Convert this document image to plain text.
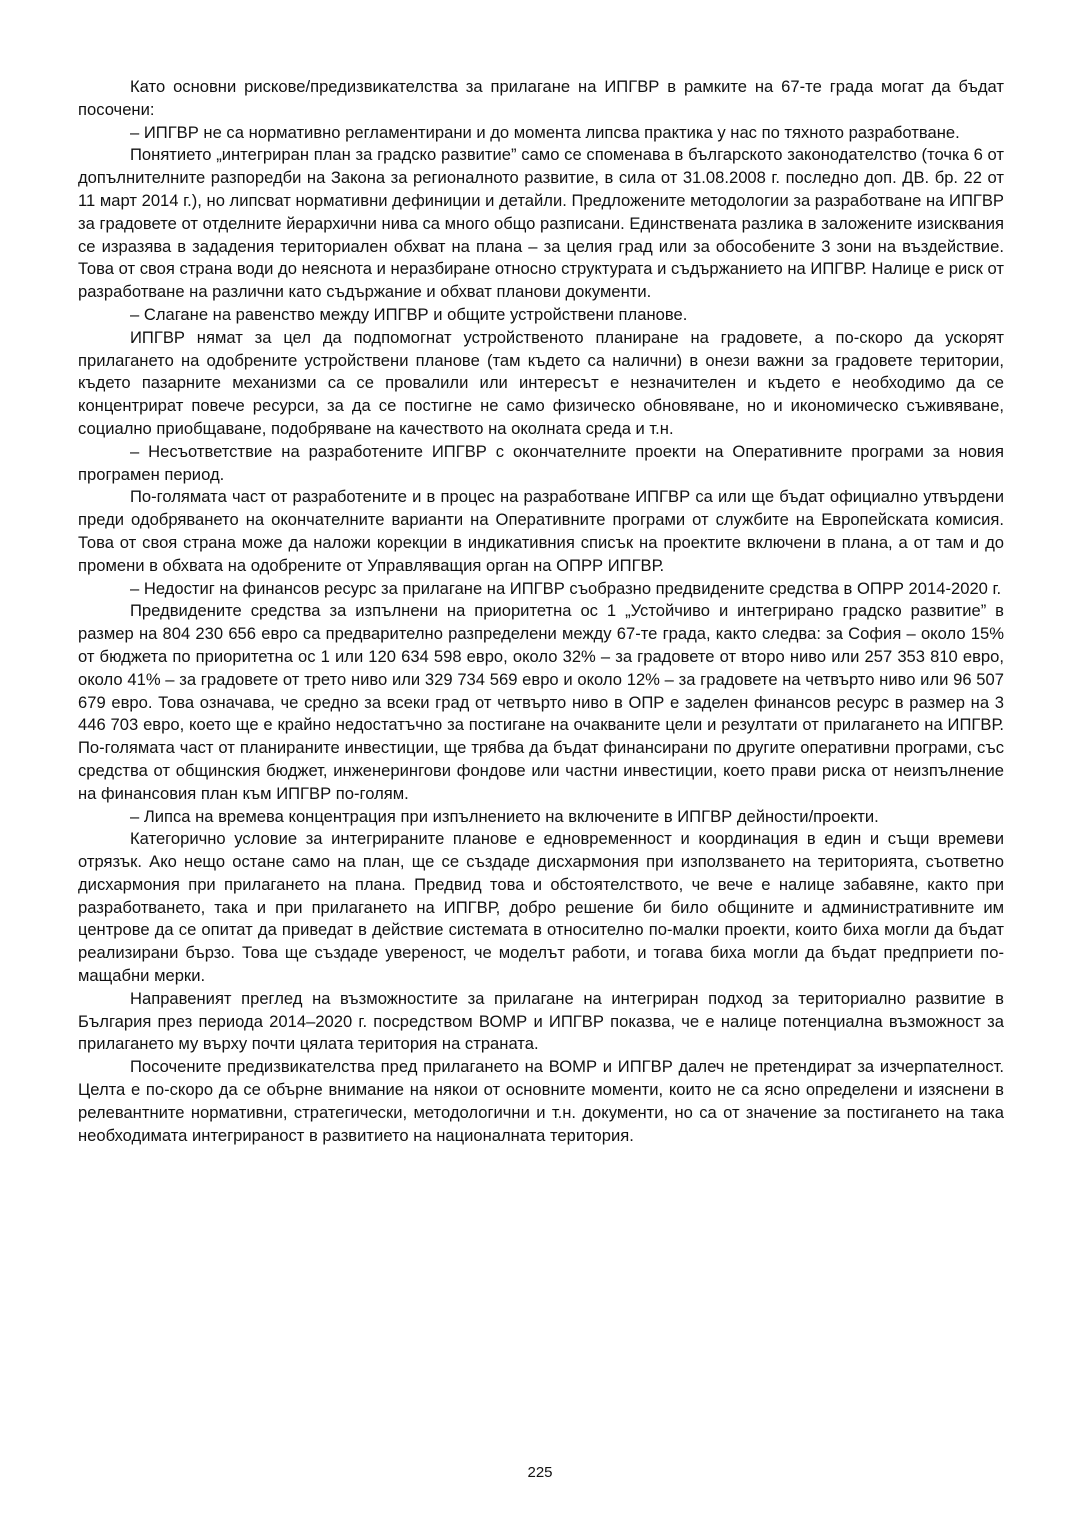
Като основни рискове/предизвикателства за прилагане на ИПГВР в рамките на 67-те града могат да бъдат посочени:

– ИПГВР не са нормативно регламентирани и до момента липсва практика у нас по тяхното разработване.

Понятието „интегриран план за градско развитие” само се споменава в българското законодателство (точка 6 от допълнителните разпоредби на Закона за регионалното развитие, в сила от 31.08.2008 г. последно доп. ДВ. бр. 22 от 11 март 2014 г.), но липсват нормативни дефиниции и детайли. Предложените методологии за разработване на ИПГВР за градовете от отделните йерархични нива са много общо разписани. Единствената разлика в заложените изисквания се изразява в зададения териториален обхват на плана – за целия град или за обособените 3 зони на въздействие. Това от своя страна води до неяснота и неразбиране относно структурата и съдържанието на ИПГВР. Налице е риск от разработване на различни като съдържание и обхват планови документи.

– Слагане на равенство между ИПГВР и общите устройствени планове.

ИПГВР нямат за цел да подпомогнат устройственото планиране на градовете, а по-скоро да ускорят прилагането на одобрените устройствени планове (там където са налични) в онези важни за градовете територии, където пазарните механизми са се провалили или интересът е незначителен и където е необходимо да се концентрират повече ресурси, за да се постигне не само физическо обновяване, но и икономическо съживяване, социално приобщаване, подобряване на качеството на околната среда и т.н.

– Несъответствие на разработените ИПГВР с окончателните проекти на Оперативните програми за новия програмен период.

По-голямата част от разработените и в процес на разработване ИПГВР са или ще бъдат официално утвърдени преди одобряването на окончателните варианти на Оперативните програми от службите на Европейската комисия. Това от своя страна може да наложи корекции в индикативния списък на проектите включени в плана, а от там и до промени в обхвата на одобрените от Управляващия орган на ОПРР ИПГВР.

– Недостиг на финансов ресурс за прилагане на ИПГВР съобразно предвидените средства в ОПРР 2014-2020 г.

Предвидените средства за изпълнени на приоритетна ос 1 „Устойчиво и интегрирано градско развитие” в размер на 804 230 656 евро са предварително разпределени между 67-те града, както следва: за София – около 15% от бюджета по приоритетна ос 1 или 120 634 598 евро, около 32% – за градовете от второ ниво или 257 353 810 евро, около 41% – за градовете от трето ниво или 329 734 569 евро и около 12% – за градовете на четвърто ниво или 96 507 679 евро. Това означава, че средно за всеки град от четвърто ниво в ОПР е заделен финансов ресурс в размер на 3 446 703 евро, което ще е крайно недостатъчно за постигане на очакваните цели и резултати от прилагането на ИПГВР. По-голямата част от планираните инвестиции, ще трябва да бъдат финансирани по другите оперативни програми, със средства от общинския бюджет, инженерингови фондове или частни инвестиции, което прави риска от неизпълнение на финансовия план към ИПГВР по-голям.

– Липса на времева концентрация при изпълнението на включените в ИПГВР дейности/проекти.

Категорично условие за интегрираните планове е едновременност и координация в един и същи времеви отрязък. Ако нещо остане само на план, ще се създаде дисхармония при използването на територията, съответно дисхармония при прилагането на плана. Предвид това и обстоятелството, че вече е налице забавяне, както при разработването, така и при прилагането на ИПГВР, добро решение би било общините и административните им центрове да се опитат да приведат в действие системата в относително по-малки проекти, които биха могли да бъдат реализирани бързо. Това ще създаде увереност, че моделът работи, и тогава биха могли да бъдат предприети по-мащабни мерки.

Направеният преглед на възможностите за прилагане на интегриран подход за териториално развитие в България през периода 2014–2020 г. посредством ВОМР и ИПГВР показва, че е налице потенциална възможност за прилагането му върху почти цялата територия на страната.

Посочените предизвикателства пред прилагането на ВОМР и ИПГВР далеч не претендират за изчерпателност. Целта е по-скоро да се обърне внимание на някои от основните моменти, които не са ясно определени и изяснени в релевантните нормативни, стратегически, методологични и т.н. документи, но са от значение за постигането на така необходимата интегрираност в развитието на националната територия.

225
